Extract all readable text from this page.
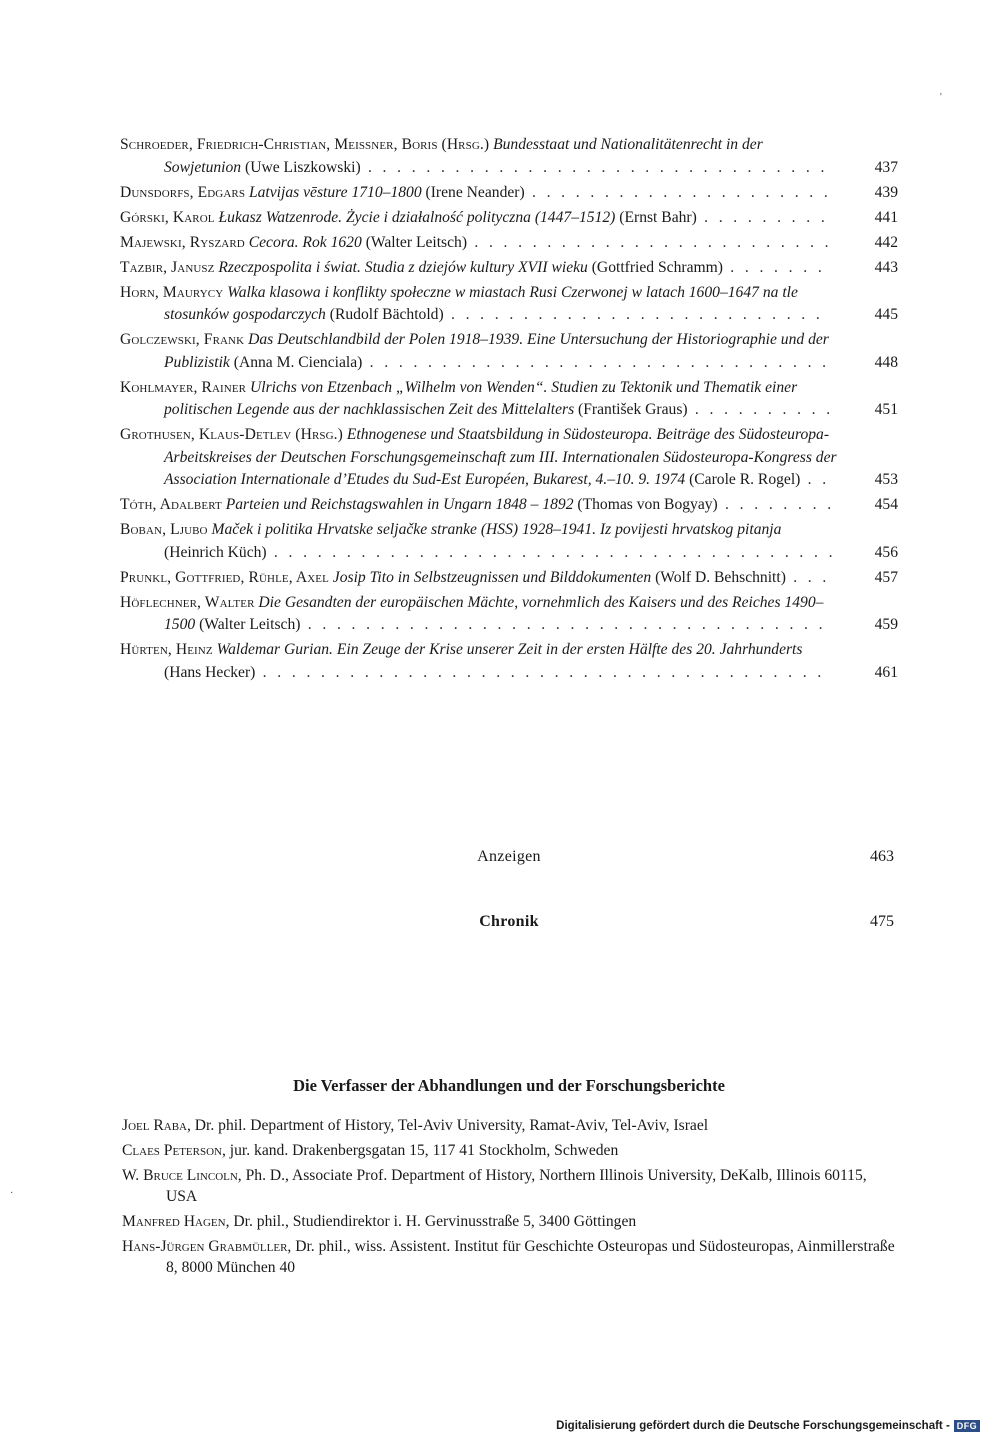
Schroeder, Friedrich-Christian, Meissner, Boris (Hrsg.) Bundesstaat und Nationalitätenrecht in der Sowjetunion (Uwe Liszkowski) . . . . . . . . . . . . . . . . . . . . . . . . . . . . . . . .	437
Dunsdorfs, Edgars Latvijas vēsture 1710–1800 (Irene Neander) . . . . . . . . . . . . . . . . . . . . .	439
Górski, Karol Łukasz Watzenrode. Życie i działalność polityczna (1447–1512) (Ernst Bahr) . . . . . . . . .	441
Majewski, Ryszard Cecora. Rok 1620 (Walter Leitsch) . . . . . . . . . . . . . . . . . . . . . . . . .	442
Tazbir, Janusz Rzeczpospolita i świat. Studia z dziejów kultury XVII wieku (Gottfried Schramm) . . . . . . .	443
Horn, Maurycy Walka klasowa i konflikty społeczne w miastach Rusi Czerwonej w latach 1600–1647 na tle stosunków gospodarczych (Rudolf Bächtold) . . . . . . . . . . . . . . . . . . . . . . . . . .	445
Golczewski, Frank Das Deutschlandbild der Polen 1918–1939. Eine Untersuchung der Historiographie und der Publizistik (Anna M. Cienciala) . . . . . . . . . . . . . . . . . . . . . . . . . . . . . . . .	448
Kohlmayer, Rainer Ulrichs von Etzenbach „Wilhelm von Wenden“. Studien zu Tektonik und Thematik einer politischen Legende aus der nachklassischen Zeit des Mittelalters (František Graus) . . . . . . . . . .	451
Grothusen, Klaus-Detlev (Hrsg.) Ethnogenese und Staatsbildung in Südosteuropa. Beiträge des Südosteuropa-Arbeitskreises der Deutschen Forschungsgemeinschaft zum III. Internationalen Südosteuropa-Kongress der Association Internationale d’Etudes du Sud-Est Européen, Bukarest, 4.–10. 9. 1974 (Carole R. Rogel) . .	453
Tóth, Adalbert Parteien und Reichstagswahlen in Ungarn 1848 – 1892 (Thomas von Bogyay) . . . . . . . .	454
Boban, Ljubo Maček i politika Hrvatske seljačke stranke (HSS) 1928–1941. Iz povijesti hrvatskog pitanja (Heinrich Küch) . . . . . . . . . . . . . . . . . . . . . . . . . . . . . . . . . . . . . . .	456
Prunkl, Gottfried, Rühle, Axel Josip Tito in Selbstzeugnissen und Bilddokumenten (Wolf D. Behschnitt) . . .	457
Höflechner, Walter Die Gesandten der europäischen Mächte, vornehmlich des Kaisers und des Reiches 1490–1500 (Walter Leitsch) . . . . . . . . . . . . . . . . . . . . . . . . . . . . . . . . . . . .	459
Hürten, Heinz Waldemar Gurian. Ein Zeuge der Krise unserer Zeit in der ersten Hälfte des 20. Jahrhunderts (Hans Hecker) . . . . . . . . . . . . . . . . . . . . . . . . . . . . . . . . . . . . . . .	461
Anzeigen	463
Chronik	475
Die Verfasser der Abhandlungen und der Forschungsberichte
Joel Raba, Dr. phil. Department of History, Tel-Aviv University, Ramat-Aviv, Tel-Aviv, Israel
Claes Peterson, jur. kand. Drakenbergsgatan 15, 117 41 Stockholm, Schweden
W. Bruce Lincoln, Ph. D., Associate Prof. Department of History, Northern Illinois University, DeKalb, Illinois 60115, USA
Manfred Hagen, Dr. phil., Studiendirektor i. H. Gervinusstraße 5, 3400 Göttingen
Hans-Jürgen Grabmüller, Dr. phil., wiss. Assistent. Institut für Geschichte Osteuropas und Südosteuropas, Ainmillerstraße 8, 8000 München 40
'
·
Digitalisierung gefördert durch die Deutsche Forschungsgemeinschaft - DFG
